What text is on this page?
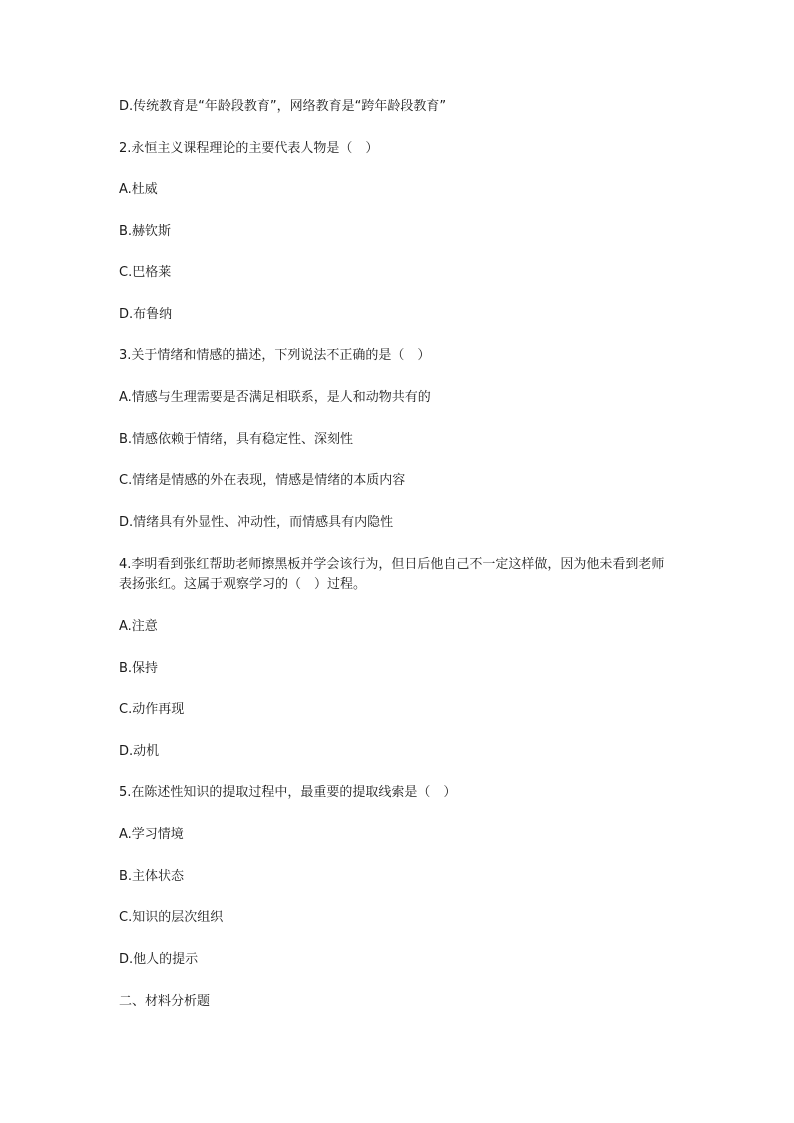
D.传统教育是“年龄段教育”，网络教育是“跨年龄段教育”

2.永恒主义课程理论的主要代表人物是（　）

A.杜威

B.赫钦斯

C.巴格莱

D.布鲁纳

3.关于情绪和情感的描述，下列说法不正确的是（　）

A.情感与生理需要是否满足相联系，是人和动物共有的

B.情感依赖于情绪，具有稳定性、深刻性

C.情绪是情感的外在表现，情感是情绪的本质内容

D.情绪具有外显性、冲动性，而情感具有内隐性

4.李明看到张红帮助老师擦黑板并学会该行为，但日后他自己不一定这样做，因为他未看到老师表扬张红。这属于观察学习的（　）过程。

A.注意

B.保持

C.动作再现

D.动机

5.在陈述性知识的提取过程中，最重要的提取线索是（　）

A.学习情境

B.主体状态

C.知识的层次组织

D.他人的提示

二、材料分析题
